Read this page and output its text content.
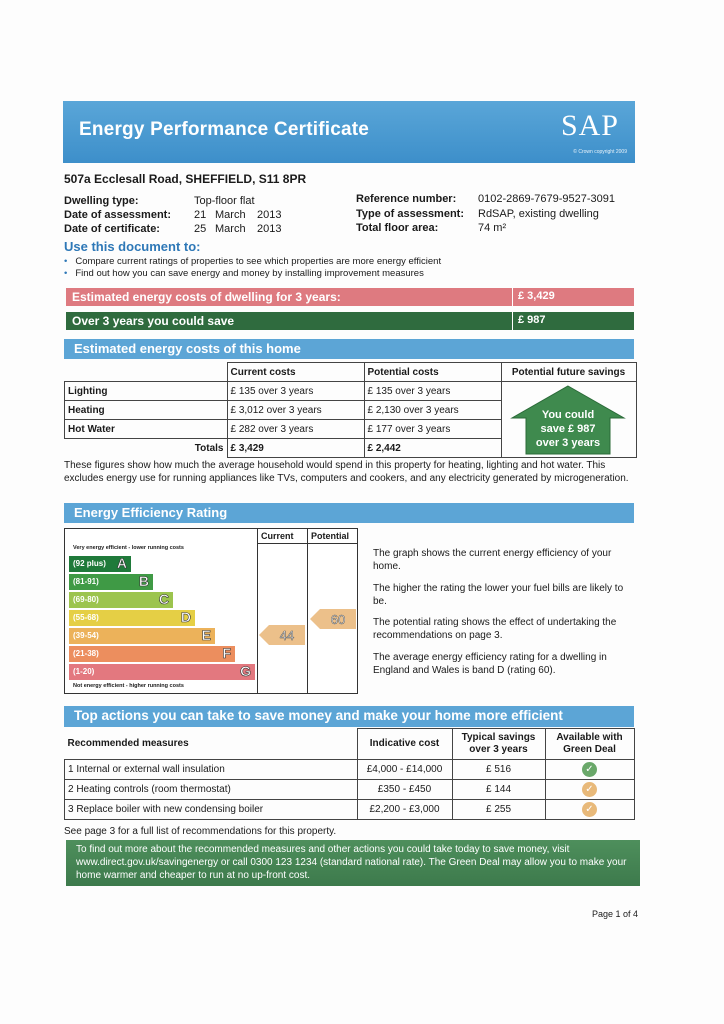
Energy Performance Certificate	SAP
© Crown copyright 2009
507a Ecclesall Road, SHEFFIELD, S11 8PR
Dwelling type:	Top-floor flat
Date of assessment: 21 March 2013
Date of certificate:	25 March 2013
Reference number: 0102-2869-7679-9527-3091
Type of assessment: RdSAP, existing dwelling
Total floor area:	74 m²
Use this document to:
• Compare current ratings of properties to see which properties are more energy efficient
• Find out how you can save energy and money by installing improvement measures
Estimated energy costs of dwelling for 3 years:	£ 3,429
Over 3 years you could save	£ 987
Estimated energy costs of this home
	Current costs	Potential costs	Potential future savings
Lighting	£ 135 over 3 years	£ 135 over 3 years	
Heating	£ 3,012 over 3 years	£ 2,130 over 3 years	
Hot Water	£ 282 over 3 years	£ 177 over 3 years	
Totals	£ 3,429	£ 2,442	
You could
save £ 987
over 3 years
These figures show how much the average household would spend in this property for heating, lighting and hot water. This excludes energy use for running appliances like TVs, computers and cookers, and any electricity generated by microgeneration.
Energy Efficiency Rating
Current Potential
Very energy efficient - lower running costs
(92 plus) A
(81-91)	B
(69-80)	C
(55-68)	D
(39-54)	E
(21-38)	F
(1-20)	G
Not energy efficient - higher running costs
44
60
The graph shows the current energy efficiency of your home.
The higher the rating the lower your fuel bills are likely to be.
The potential rating shows the effect of undertaking the recommendations on page 3.
The average energy efficiency rating for a dwelling in England and Wales is band D (rating 60).
Top actions you can take to save money and make your home more efficient
Recommended measures	Indicative cost	Typical savings over 3 years	Available with Green Deal
1 Internal or external wall insulation	£4,000 - £14,000	£ 516	✓
2 Heating controls (room thermostat)	£350 - £450	£ 144	✓
3 Replace boiler with new condensing boiler	£2,200 - £3,000	£ 255	✓
See page 3 for a full list of recommendations for this property.
To find out more about the recommended measures and other actions you could take today to save money, visit www.direct.gov.uk/savingenergy or call 0300 123 1234 (standard national rate). The Green Deal may allow you to make your home warmer and cheaper to run at no up-front cost.
Page 1 of 4
